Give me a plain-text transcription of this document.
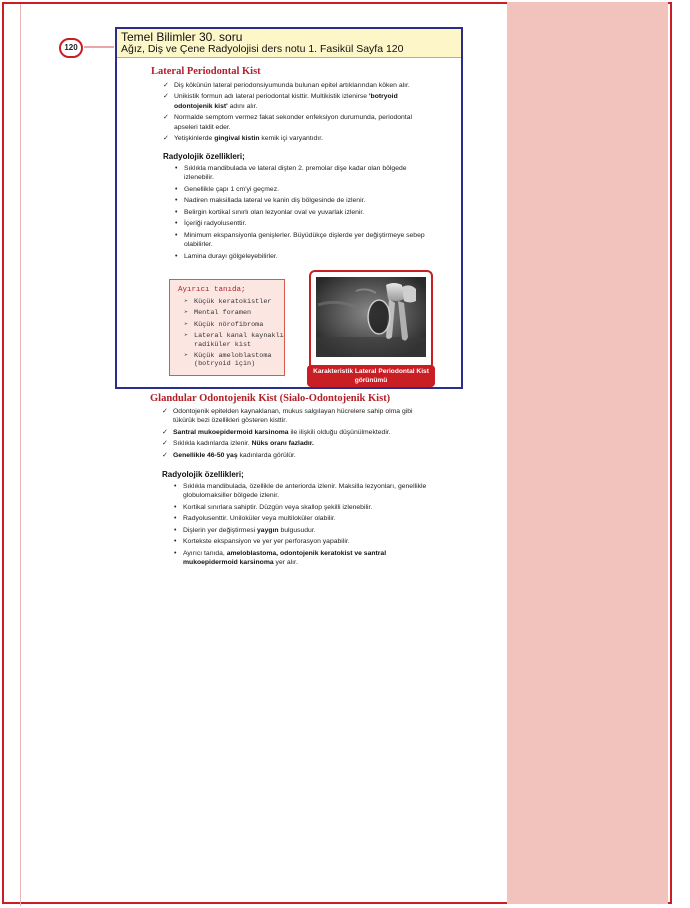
120
Temel Bilimler 30. soru
Ağız, Diş ve Çene Radyolojisi ders notu 1. Fasikül Sayfa 120
Lateral Periodontal Kist
✓ Diş kökünün lateral periodonsiyumunda bulunan epitel artıklarından köken alır.
✓ Unikistik formun adı lateral periodontal kisttir. Multikistik izlenirse 'botryoid odontojenik kist' adını alır.
✓ Normalde semptom vermez fakat sekonder enfeksiyon durumunda, periodontal apseleri taklit eder.
✓ Yetişkinlerde gingival kistin kemik içi varyantıdır.
Radyolojik özellikleri;
• Sıklıkla mandibulada ve lateral dişten 2. premolar dişe kadar olan bölgede izlenebilir.
• Genellikle çapı 1 cm'yi geçmez.
• Nadiren maksillada lateral ve kanin diş bölgesinde de izlenir.
• Belirgin kortikal sınırlı olan lezyonlar oval ve yuvarlak izlenir.
• İçeriği radyolusenttir.
• Minimum ekspansiyonla genişlerler. Büyüdükçe dişlerde yer değiştirmeye sebep olabilirler.
• Lamina durayı gölgeleyebilirler.
Ayırıcı tanıda;
➢ Küçük keratokistler
➢ Mental foramen
➢ Küçük nörofibroma
➢ Lateral kanal kaynaklı radiküler kist
➢ Küçük ameloblastoma (botryoid için)
Karakteristik Lateral Periodontal Kist görünümü
Glandular Odontojenik Kist (Sialo-Odontojenik Kist)
✓ Odontojenik epitelden kaynaklanan, mukus salgılayan hücrelere sahip olma gibi tükürük bezi özellikleri gösteren kisttir.
✓ Santral mukoepidermoid karsinoma ile ilişkili olduğu düşünülmektedir.
✓ Sıklıkla kadınlarda izlenir. Nüks oranı fazladır.
✓ Genellikle 46-50 yaş kadınlarda görülür.
Radyolojik özellikleri;
• Sıklıkla mandibulada, özellikle de anteriorda izlenir. Maksilla lezyonları, genellikle globulomaksiller bölgede izlenir.
• Kortikal sınırlara sahiptir. Düzgün veya skallop şekilli izlenebilir.
• Radyolusenttir. Uniloküler veya multiloküler olabilir.
• Dişlerin yer değiştirmesi yaygın bulgusudur.
• Kortekste ekspansiyon ve yer yer perforasyon yapabilir.
• Ayırıcı tanıda, ameloblastoma, odontojenik keratokist ve santral mukoepidermoid karsinoma yer alır.
